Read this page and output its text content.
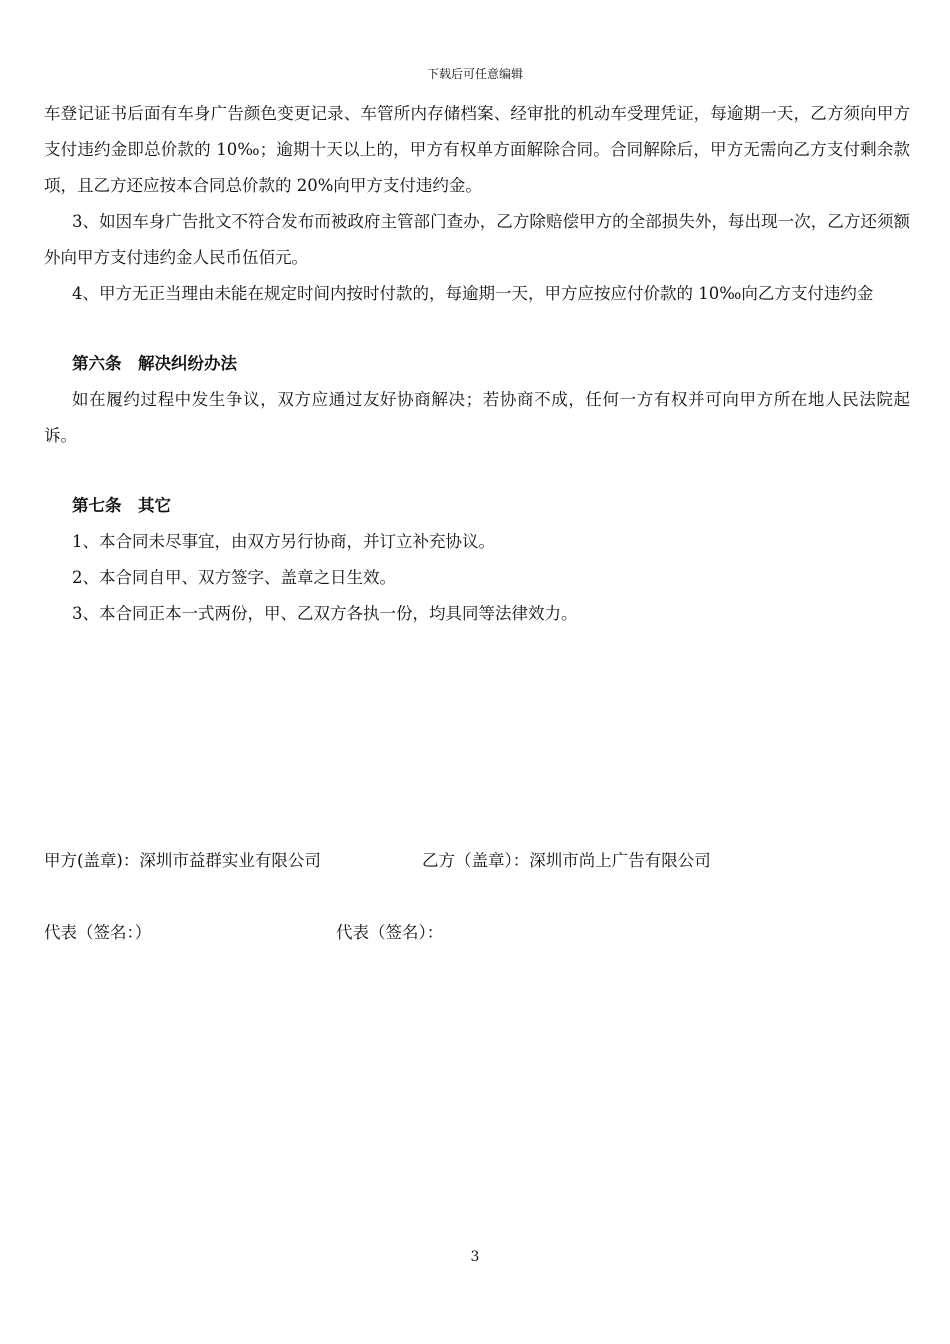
下载后可任意编辑

车登记证书后面有车身广告颜色变更记录、车管所内存储档案、经审批的机动车受理凭证，每逾期一天，乙方须向甲方支付违约金即总价款的 10‰；逾期十天以上的，甲方有权单方面解除合同。合同解除后，甲方无需向乙方支付剩余款项，且乙方还应按本合同总价款的 20%向甲方支付违约金。

3、如因车身广告批文不符合发布而被政府主管部门查办，乙方除赔偿甲方的全部损失外，每出现一次，乙方还须额外向甲方支付违约金人民币伍佰元。

4、甲方无正当理由未能在规定时间内按时付款的，每逾期一天，甲方应按应付价款的 10‰向乙方支付违约金

第六条　解决纠纷办法

如在履约过程中发生争议，双方应通过友好协商解决；若协商不成，任何一方有权并可向甲方所在地人民法院起诉。

第七条　其它

1、本合同未尽事宜，由双方另行协商，并订立补充协议。

2、本合同自甲、双方签字、盖章之日生效。

3、本合同正本一式两份，甲、乙双方各执一份，均具同等法律效力。

甲方(盖章)：深圳市益群实业有限公司	乙方（盖章）：深圳市尚上广告有限公司
代表（签名：）	代表（签名）：
3
